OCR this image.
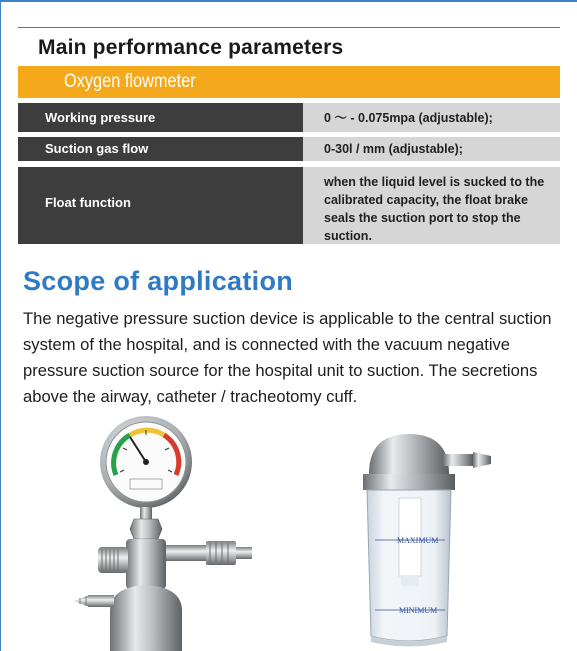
Main performance parameters
Oxygen flowmeter
Working pressure	0 ～ - 0.075mpa (adjustable);
Suction gas flow	0-30l / mm (adjustable);
Float function
when the liquid level is sucked to the calibrated capacity, the float brake seals the suction port to stop the suction.
Scope of application
The negative pressure suction device is applicable to the central suction system of the hospital, and is connected with the vacuum negative pressure suction source for the hospital unit to suction. The secretions above the airway, catheter / tracheotomy cuff.
MAXIMUM
MINIMUM
